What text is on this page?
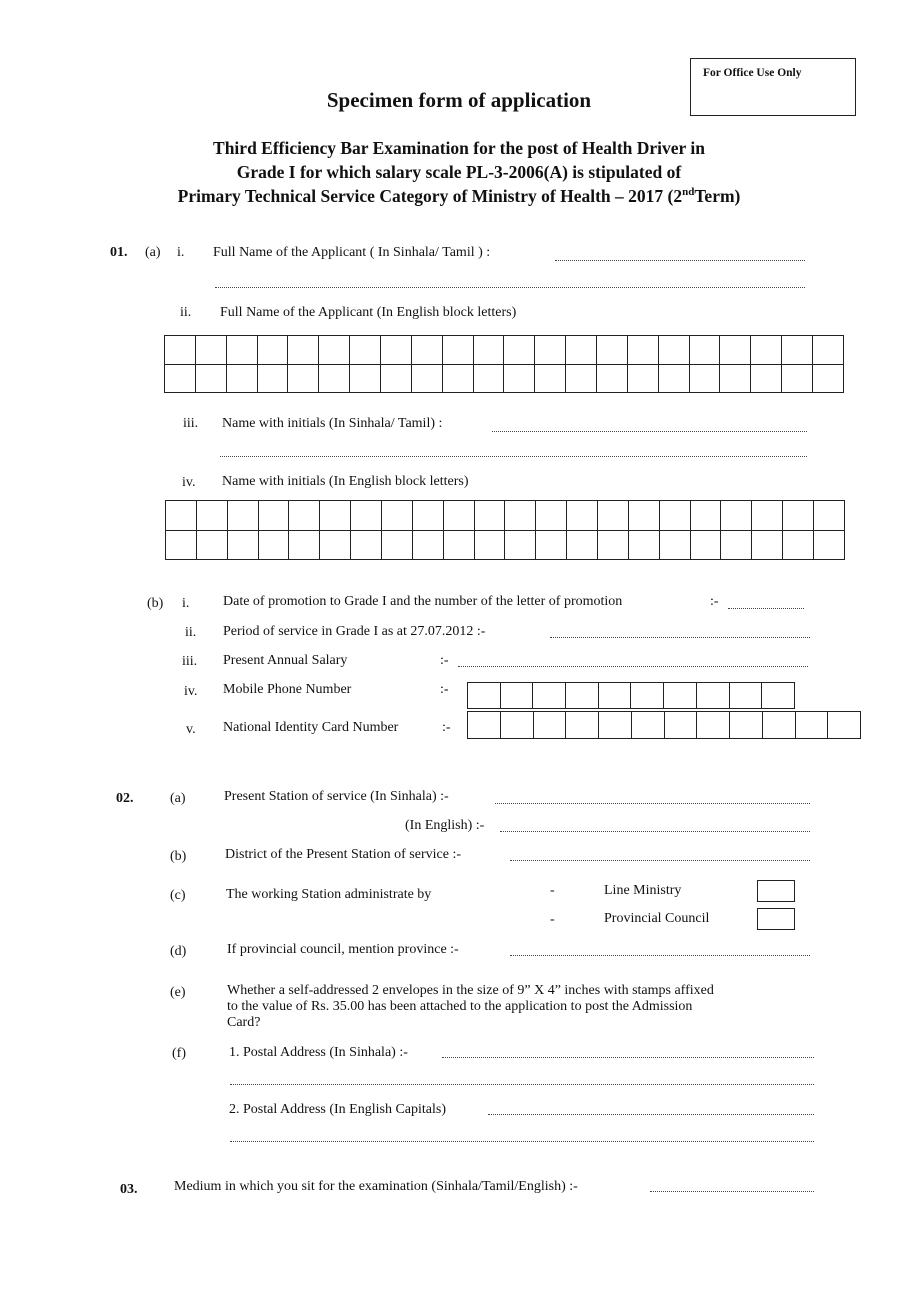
For Office Use Only
Specimen form of application
Third Efficiency Bar Examination for the post of Health Driver in
Grade I for which salary scale PL-3-2006(A) is stipulated of
Primary Technical Service Category of Ministry of Health – 2017 (2ndTerm)
01. (a) i. Full Name of the Applicant ( In Sinhala/ Tamil ) :
ii. Full Name of the Applicant (In English block letters)

iii. Name with initials (In Sinhala/ Tamil) :
iv. Name with initials (In English block letters)

(b) i. Date of promotion to Grade I and the number of the letter of promotion	:-
ii. Period of service in Grade I as at 27.07.2012 :-
iii. Present Annual Salary	:-
iv. Mobile Phone Number	:-

v. National Identity Card Number	:-

02.	(a)	Present Station of service (In Sinhala) :-
(In English) :-
(b)	District of the Present Station of service :-
(c)	The working Station administrate by	-	Line Ministry
-	Provincial Council
(d)	If provincial council, mention province :-
(e)	Whether a self-addressed 2 envelopes in the size of 9” X 4” inches with stamps affixed
to the value of Rs. 35.00 has been attached to the application to post the Admission
Card?
(f)	1. Postal Address (In Sinhala) :-
2. Postal Address (In English Capitals)
03.	Medium in which you sit for the examination (Sinhala/Tamil/English) :-
